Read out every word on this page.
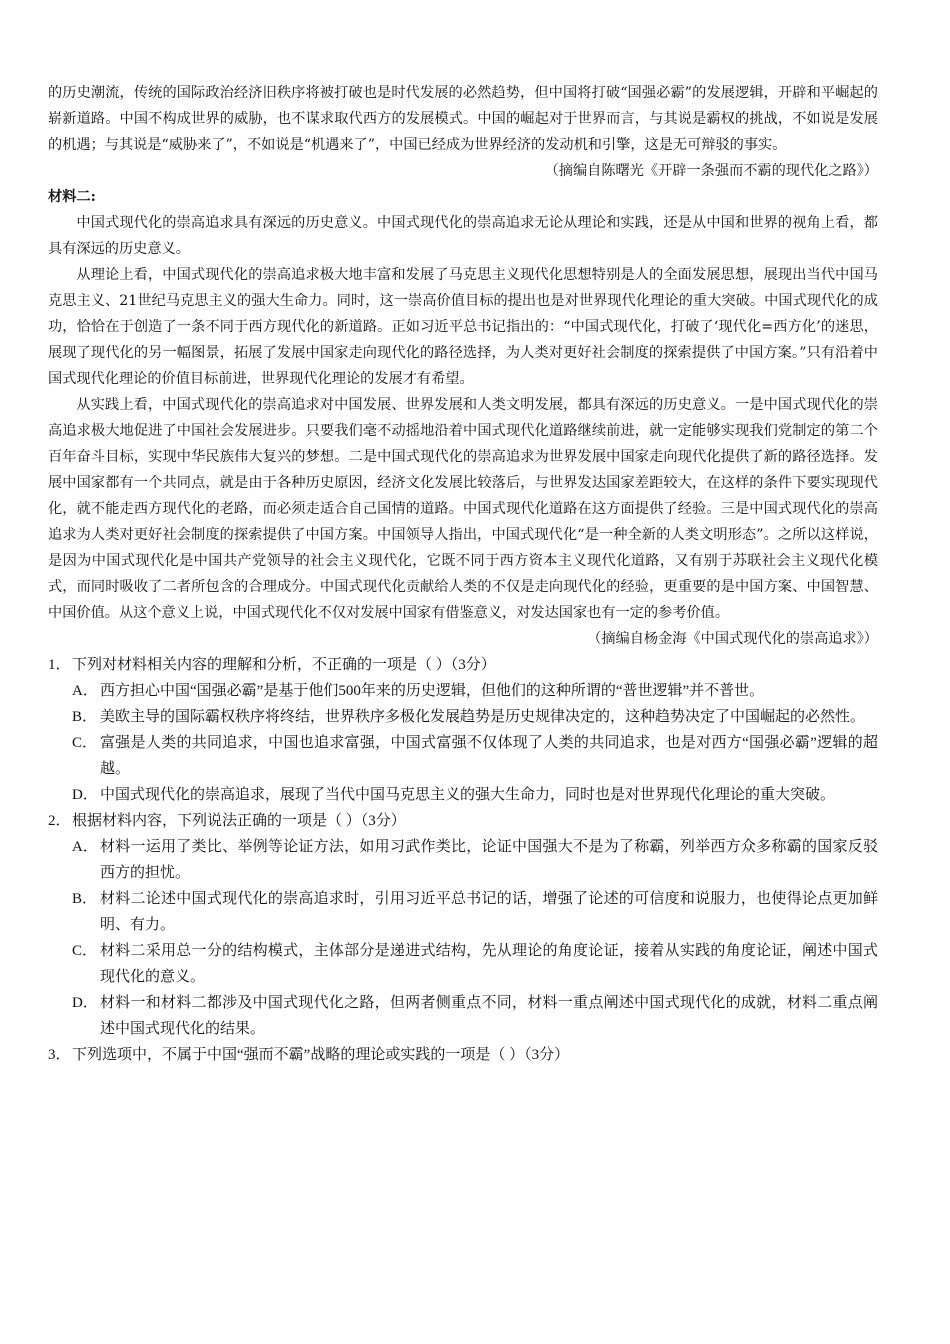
的历史潮流，传统的国际政治经济旧秩序将被打破也是时代发展的必然趋势，但中国将打破“国强必霸”的发展逻辑，开辟和平崛起的崭新道路。中国不构成世界的威胁，也不谋求取代西方的发展模式。中国的崛起对于世界而言，与其说是霸权的挑战，不如说是发展的机遇；与其说是“威胁来了”，不如说是“机遇来了”，中国已经成为世界经济的发动机和引擎，这是无可辩驳的事实。

（摘编自陈曙光《开辟一条强而不霸的现代化之路》）

材料二:

中国式现代化的崇高追求具有深远的历史意义。中国式现代化的崇高追求无论从理论和实践，还是从中国和世界的视角上看，都具有深远的历史意义。

从理论上看，中国式现代化的崇高追求极大地丰富和发展了马克思主义现代化思想特别是人的全面发展思想，展现出当代中国马克思主义、21世纪马克思主义的强大生命力。同时，这一崇高价值目标的提出也是对世界现代化理论的重大突破。中国式现代化的成功，恰恰在于创造了一条不同于西方现代化的新道路。正如习近平总书记指出的：“中国式现代化，打破了‘现代化=西方化’的迷思，展现了现代化的另一幅图景，拓展了发展中国家走向现代化的路径选择，为人类对更好社会制度的探索提供了中国方案。”只有沿着中国式现代化理论的价值目标前进，世界现代化理论的发展才有希望。

从实践上看，中国式现代化的崇高追求对中国发展、世界发展和人类文明发展，都具有深远的历史意义。一是中国式现代化的崇高追求极大地促进了中国社会发展进步。只要我们毫不动摇地沿着中国式现代化道路继续前进，就一定能够实现我们党制定的第二个百年奋斗目标，实现中华民族伟大复兴的梦想。二是中国式现代化的崇高追求为世界发展中国家走向现代化提供了新的路径选择。发展中国家都有一个共同点，就是由于各种历史原因，经济文化发展比较落后，与世界发达国家差距较大，在这样的条件下要实现现代化，就不能走西方现代化的老路，而必须走适合自己国情的道路。中国式现代化道路在这方面提供了经验。三是中国式现代化的崇高追求为人类对更好社会制度的探索提供了中国方案。中国领导人指出，中国式现代化“是一种全新的人类文明形态”。之所以这样说，是因为中国式现代化是中国共产党领导的社会主义现代化，它既不同于西方资本主义现代化道路，又有别于苏联社会主义现代化模式，而同时吸收了二者所包含的合理成分。中国式现代化贡献给人类的不仅是走向现代化的经验，更重要的是中国方案、中国智慧、中国价值。从这个意义上说，中国式现代化不仅对发展中国家有借鉴意义，对发达国家也有一定的参考价值。

（摘编自杨金海《中国式现代化的崇高追求》）

1．下列对材料相关内容的理解和分析，不正确的一项是（ ）（3分）

A． 西方担心中国“国强必霸”是基于他们500年来的历史逻辑，但他们的这种所谓的“普世逻辑”并不普世。

B． 美欧主导的国际霸权秩序将终结，世界秩序多极化发展趋势是历史规律决定的，这种趋势决定了中国崛起的必然性。

C． 富强是人类的共同追求，中国也追求富强，中国式富强不仅体现了人类的共同追求，也是对西方“国强必霸”逻辑的超越。

D． 中国式现代化的崇高追求，展现了当代中国马克思主义的强大生命力，同时也是对世界现代化理论的重大突破。

2．根据材料内容，下列说法正确的一项是（ ）（3分）

A． 材料一运用了类比、举例等论证方法，如用习武作类比，论证中国强大不是为了称霸，列举西方众多称霸的国家反驳西方的担忧。

B． 材料二论述中国式现代化的崇高追求时，引用习近平总书记的话，增强了论述的可信度和说服力，也使得论点更加鲜明、有力。

C． 材料二采用总一分的结构模式，主体部分是递进式结构，先从理论的角度论证，接着从实践的角度论证，阐述中国式现代化的意义。

D． 材料一和材料二都涉及中国式现代化之路，但两者侧重点不同，材料一重点阐述中国式现代化的成就，材料二重点阐述中国式现代化的结果。

3．下列选项中，不属于中国“强而不霸”战略的理论或实践的一项是（ ）（3分）
